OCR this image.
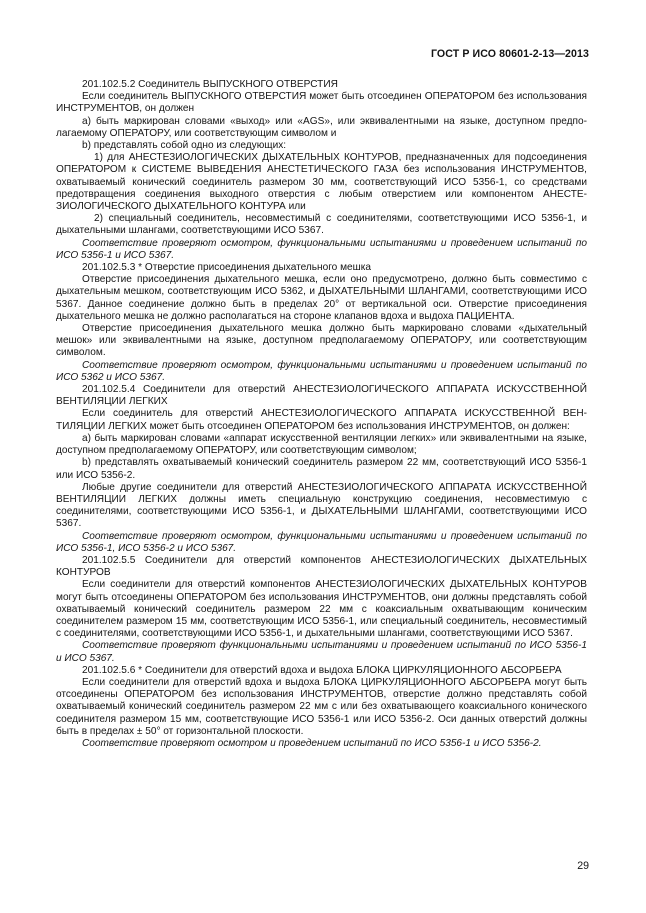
ГОСТ Р ИСО 80601-2-13—2013

201.102.5.2 Соединитель ВЫПУСКНОГО ОТВЕРСТИЯ

Если соединитель ВЫПУСКНОГО ОТВЕРСТИЯ может быть отсоединен ОПЕРАТОРОМ без использования ИНСТРУМЕНТОВ, он должен

а) быть маркирован словами «выход» или «AGS», или эквивалентными на языке, доступном предполагаемому ОПЕРАТОРУ, или соответствующим символом и

b) представлять собой одно из следующих:

1) для АНЕСТЕЗИОЛОГИЧЕСКИХ ДЫХАТЕЛЬНЫХ КОНТУРОВ, предназначенных для подсоединения ОПЕРАТОРОМ к СИСТЕМЕ ВЫВЕДЕНИЯ АНЕСТЕТИЧЕСКОГО ГАЗА без использования ИНСТРУМЕНТОВ, охватываемый конический соединитель размером 30 мм, соответствующий ИСО 5356-1, со средствами предотвращения соединения выходного отверстия с любым отверстием или компонентом АНЕСТЕЗИОЛОГИЧЕСКОГО ДЫХАТЕЛЬНОГО КОНТУРА или

2) специальный соединитель, несовместимый с соединителями, соответствующими ИСО 5356-1, и дыхательными шлангами, соответствующими ИСО 5367.

Соответствие проверяют осмотром, функциональными испытаниями и проведением испытаний по ИСО 5356-1 и ИСО 5367.

201.102.5.3 * Отверстие присоединения дыхательного мешка

Отверстие присоединения дыхательного мешка, если оно предусмотрено, должно быть совместимо с дыхательным мешком, соответствующим ИСО 5362, и ДЫХАТЕЛЬНЫМИ ШЛАНГАМИ, соответствующими ИСО 5367. Данное соединение должно быть в пределах 20° от вертикальной оси. Отверстие присоединения дыхательного мешка не должно располагаться на стороне клапанов вдоха и выдоха ПАЦИЕНТА.

Отверстие присоединения дыхательного мешка должно быть маркировано словами «дыхательный мешок» или эквивалентными на языке, доступном предполагаемому ОПЕРАТОРУ, или соответствующим символом.

Соответствие проверяют осмотром, функциональными испытаниями и проведением испытаний по ИСО 5362 и ИСО 5367.

201.102.5.4 Соединители для отверстий АНЕСТЕЗИОЛОГИЧЕСКОГО АППАРАТА ИСКУССТВЕННОЙ ВЕНТИЛЯЦИИ ЛЕГКИХ

Если соединитель для отверстий АНЕСТЕЗИОЛОГИЧЕСКОГО АППАРАТА ИСКУССТВЕННОЙ ВЕНТИЛЯЦИИ ЛЕГКИХ может быть отсоединен ОПЕРАТОРОМ без использования ИНСТРУМЕНТОВ, он должен:

а) быть маркирован словами «аппарат искусственной вентиляции легких» или эквивалентными на языке, доступном предполагаемому ОПЕРАТОРУ, или соответствующим символом;

b) представлять охватываемый конический соединитель размером 22 мм, соответствующий ИСО 5356-1 или ИСО 5356-2.

Любые другие соединители для отверстий АНЕСТЕЗИОЛОГИЧЕСКОГО АППАРАТА ИСКУССТВЕННОЙ ВЕНТИЛЯЦИИ ЛЕГКИХ должны иметь специальную конструкцию соединения, несовместимую с соединителями, соответствующими ИСО 5356-1, и ДЫХАТЕЛЬНЫМИ ШЛАНГАМИ, соответствующими ИСО 5367.

Соответствие проверяют осмотром, функциональными испытаниями и проведением испытаний по ИСО 5356-1, ИСО 5356-2 и ИСО 5367.

201.102.5.5 Соединители для отверстий компонентов АНЕСТЕЗИОЛОГИЧЕСКИХ ДЫХАТЕЛЬНЫХ КОНТУРОВ

Если соединители для отверстий компонентов АНЕСТЕЗИОЛОГИЧЕСКИХ ДЫХАТЕЛЬНЫХ КОНТУРОВ могут быть отсоединены ОПЕРАТОРОМ без использования ИНСТРУМЕНТОВ, они должны представлять собой охватываемый конический соединитель размером 22 мм с коаксиальным охватывающим коническим соединителем размером 15 мм, соответствующим ИСО 5356-1, или специальный соединитель, несовместимый с соединителями, соответствующими ИСО 5356-1, и дыхательными шлангами, соответствующими ИСО 5367.

Соответствие проверяют функциональными испытаниями и проведением испытаний по ИСО 5356-1 и ИСО 5367.

201.102.5.6 * Соединители для отверстий вдоха и выдоха БЛОКА ЦИРКУЛЯЦИОННОГО АБСОРБЕРА

Если соединители для отверстий вдоха и выдоха БЛОКА ЦИРКУЛЯЦИОННОГО АБСОРБЕРА могут быть отсоединены ОПЕРАТОРОМ без использования ИНСТРУМЕНТОВ, отверстие должно представлять собой охватываемый конический соединитель размером 22 мм с или без охватывающего коаксиального конического соединителя размером 15 мм, соответствующие ИСО 5356-1 или ИСО 5356-2. Оси данных отверстий должны быть в пределах ± 50° от горизонтальной плоскости.

Соответствие проверяют осмотром и проведением испытаний по ИСО 5356-1 и ИСО 5356-2.

29
